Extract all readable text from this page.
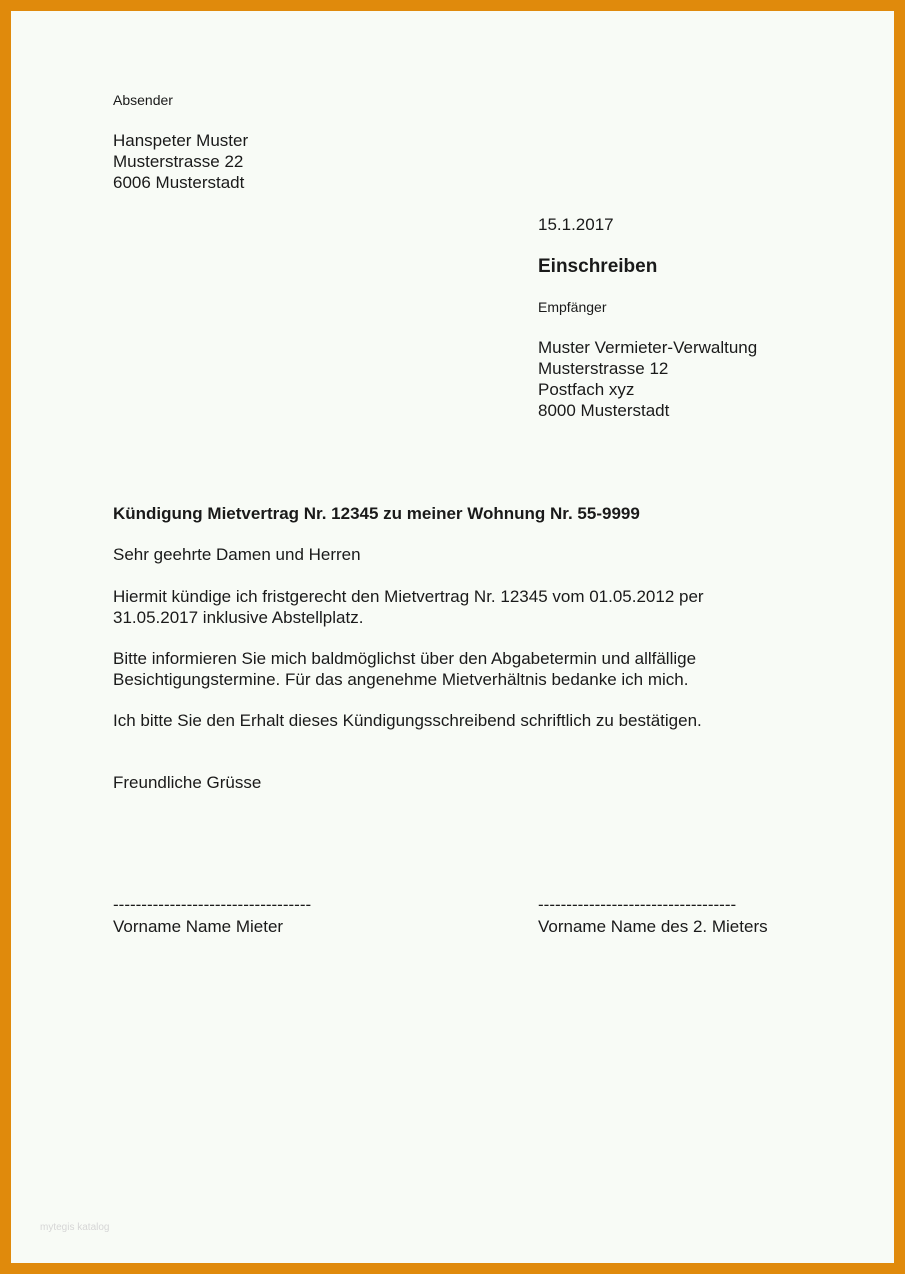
Absender
Hanspeter Muster
Musterstrasse 22
6006 Musterstadt
15.1.2017
Einschreiben
Empfänger
Muster Vermieter-Verwaltung
Musterstrasse 12
Postfach xyz
8000 Musterstadt
Kündigung Mietvertrag Nr. 12345 zu meiner Wohnung Nr. 55-9999
Sehr geehrte Damen und Herren
Hiermit kündige ich fristgerecht den Mietvertrag Nr. 12345 vom 01.05.2012 per
31.05.2017 inklusive Abstellplatz.
Bitte informieren Sie mich baldmöglichst über den Abgabetermin und allfällige
Besichtigungstermine. Für das angenehme Mietverhältnis bedanke ich mich.
Ich bitte Sie den Erhalt dieses Kündigungsschreibend schriftlich zu bestätigen.
Freundliche Grüsse
-----------------------------------
Vorname Name Mieter
-----------------------------------
Vorname Name des 2. Mieters
mytegis katalog
